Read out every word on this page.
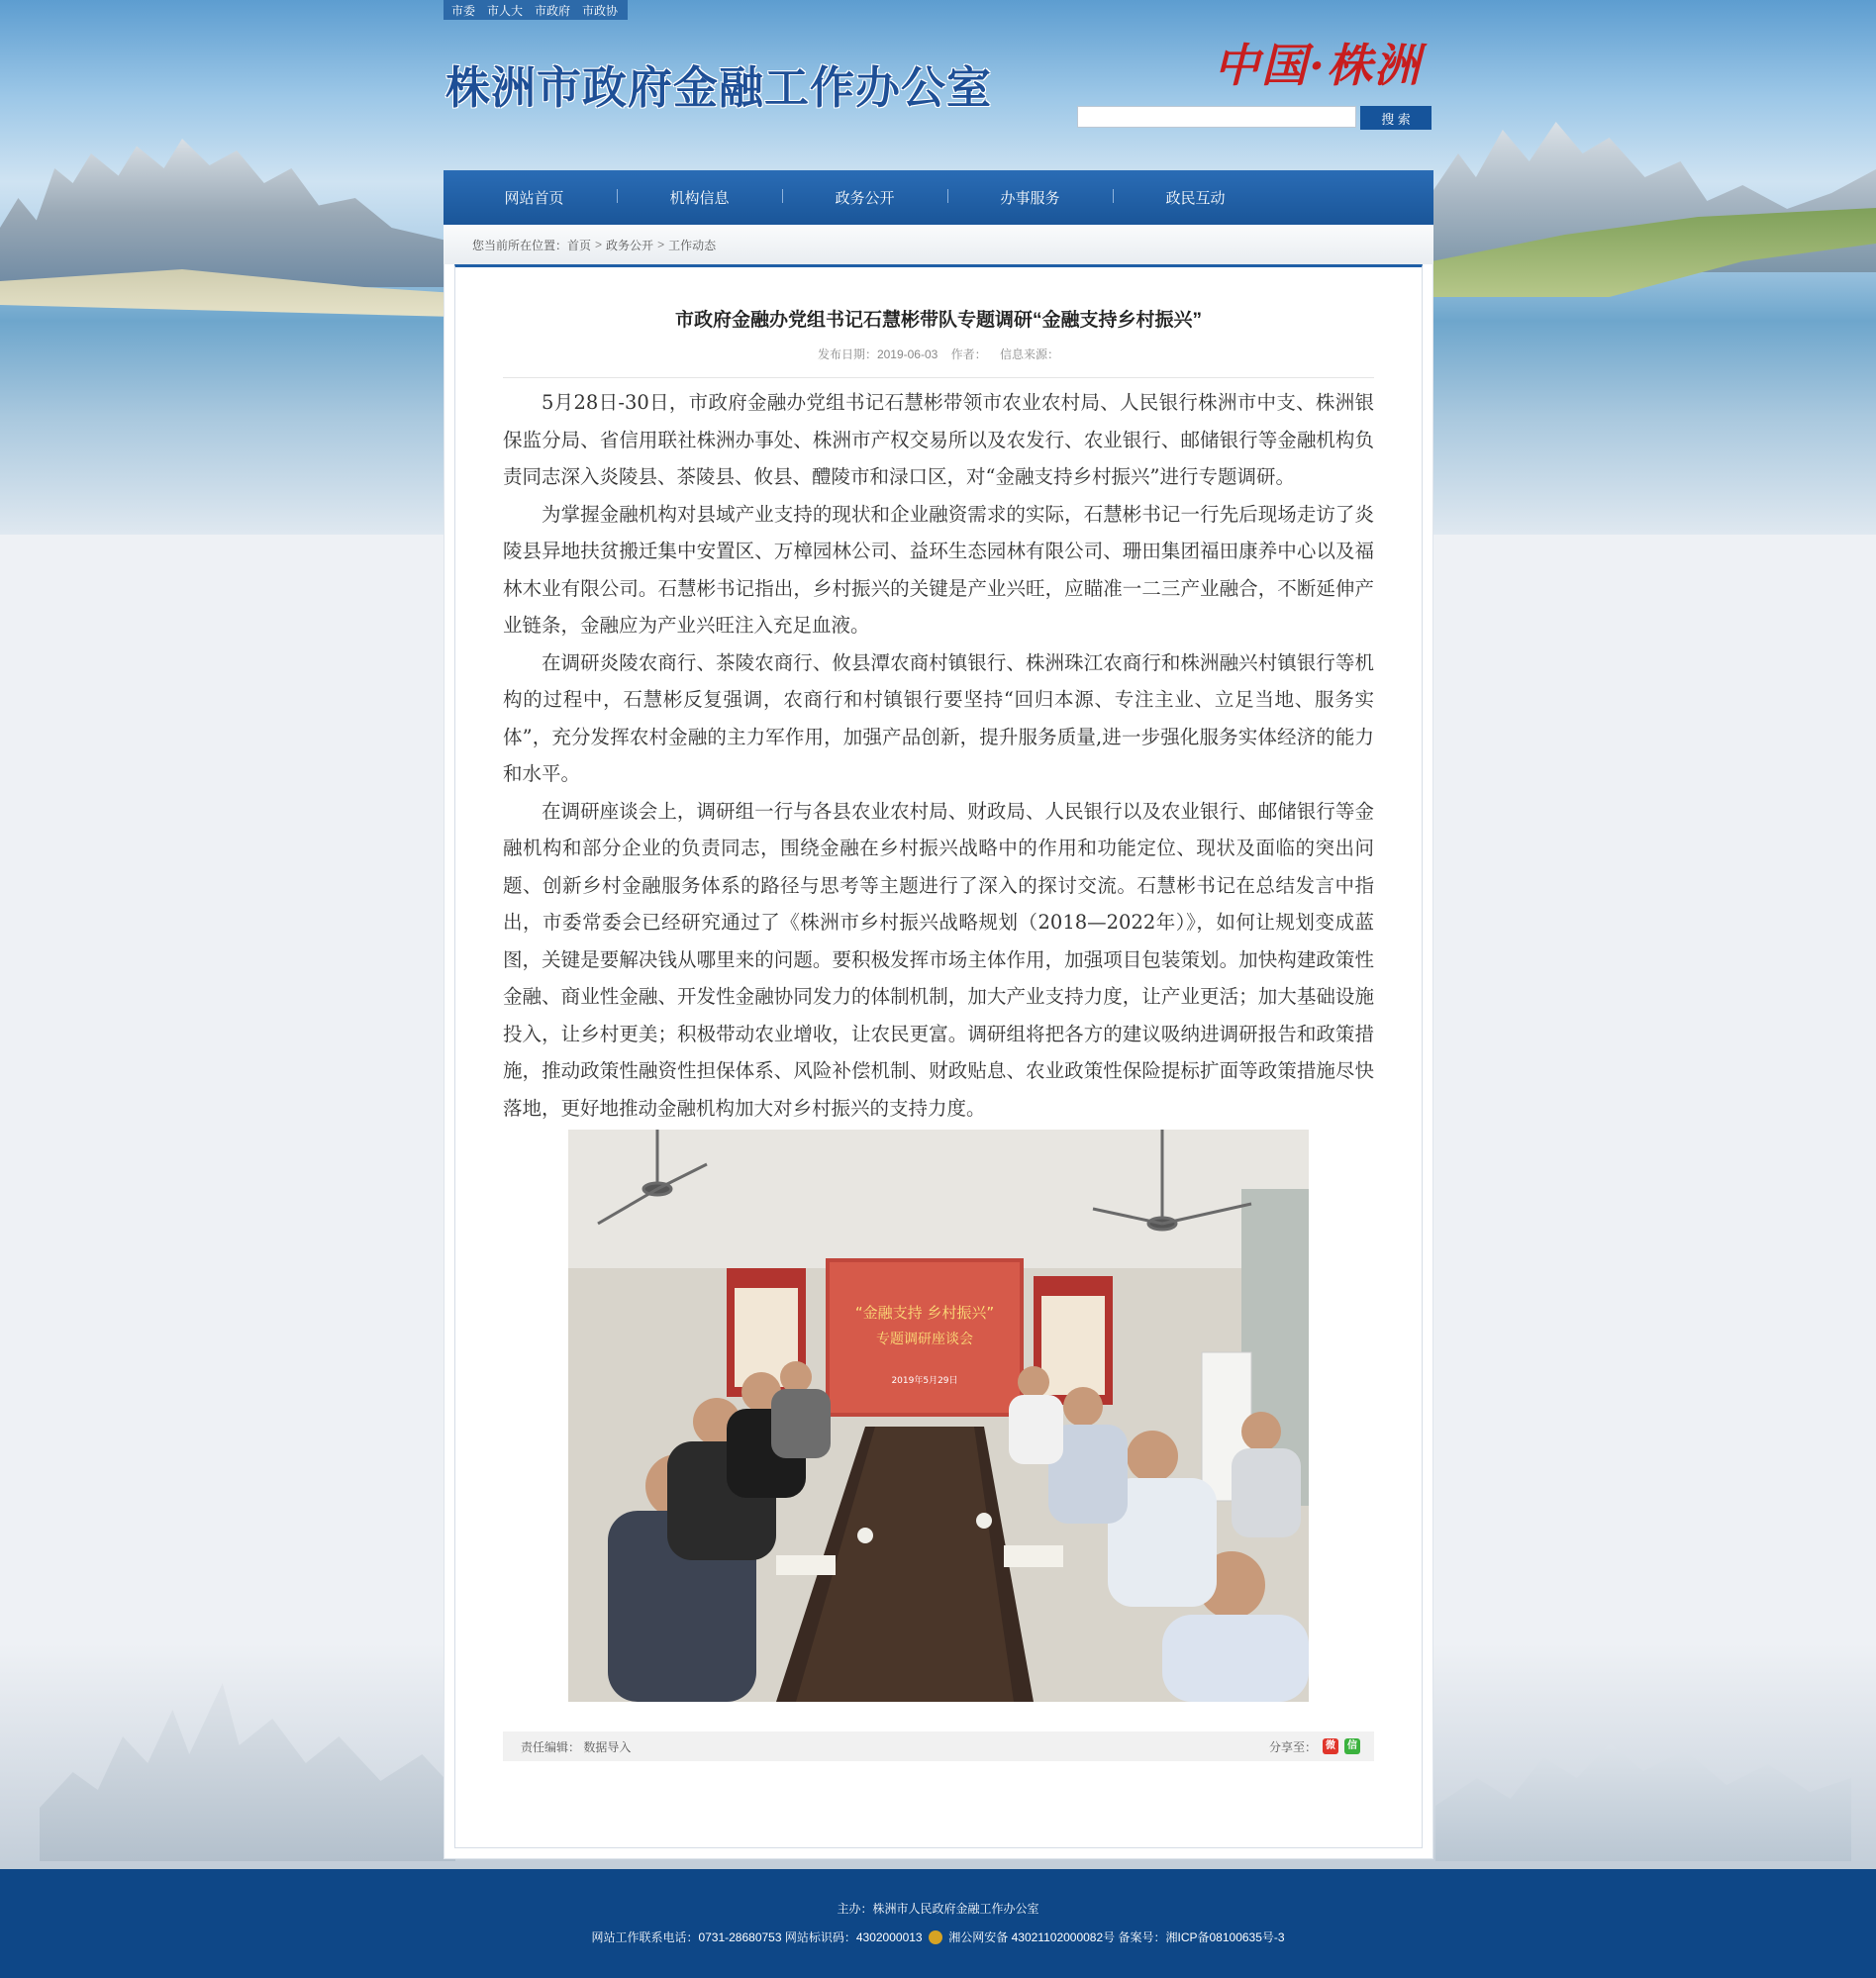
市委 市人大 市政府 市政协
株洲市政府金融工作办公室	中国·株洲
搜 索
网站首页	机构信息	政务公开	办事服务	政民互动
您当前所在位置： 首页 > 政务公开 > 工作动态
市政府金融办党组书记石慧彬带队专题调研“金融支持乡村振兴”
发布日期：2019-06-03 作者： 信息来源：

5月28日-30日，市政府金融办党组书记石慧彬带领市农业农村局、人民银行株洲市中支、株洲银保监分局、省信用联社株洲办事处、株洲市产权交易所以及农发行、农业银行、邮储银行等金融机构负责同志深入炎陵县、茶陵县、攸县、醴陵市和渌口区，对“金融支持乡村振兴”进行专题调研。

为掌握金融机构对县域产业支持的现状和企业融资需求的实际，石慧彬书记一行先后现场走访了炎陵县异地扶贫搬迁集中安置区、万樟园林公司、益环生态园林有限公司、珊田集团福田康养中心以及福林木业有限公司。石慧彬书记指出，乡村振兴的关键是产业兴旺，应瞄准一二三产业融合，不断延伸产业链条，金融应为产业兴旺注入充足血液。

在调研炎陵农商行、茶陵农商行、攸县潭农商村镇银行、株洲珠江农商行和株洲融兴村镇银行等机构的过程中，石慧彬反复强调，农商行和村镇银行要坚持“回归本源、专注主业、立足当地、服务实体”，充分发挥农村金融的主力军作用，加强产品创新，提升服务质量,进一步强化服务实体经济的能力和水平。

在调研座谈会上，调研组一行与各县农业农村局、财政局、人民银行以及农业银行、邮储银行等金融机构和部分企业的负责同志，围绕金融在乡村振兴战略中的作用和功能定位、现状及面临的突出问题、创新乡村金融服务体系的路径与思考等主题进行了深入的探讨交流。石慧彬书记在总结发言中指出，市委常委会已经研究通过了《株洲市乡村振兴战略规划（2018—2022年）》，如何让规划变成蓝图，关键是要解决钱从哪里来的问题。要积极发挥市场主体作用，加强项目包装策划。加快构建政策性金融、商业性金融、开发性金融协同发力的体制机制，加大产业支持力度，让产业更活；加大基础设施投入，让乡村更美；积极带动农业增收，让农民更富。调研组将把各方的建议吸纳进调研报告和政策措施，推动政策性融资性担保体系、风险补偿机制、财政贴息、农业政策性保险提标扩面等政策措施尽快落地，更好地推动金融机构加大对乡村振兴的支持力度。

“金融支持 乡村振兴”
专题调研座谈会
2019年5月29日
责任编辑： 数据导入	分享至： 微	信
主办：株洲市人民政府金融工作办公室
网站工作联系电话：0731-28680753 网站标识码：4302000013 湘公网安备 43021102000082号 备案号：湘ICP备08100635号-3
